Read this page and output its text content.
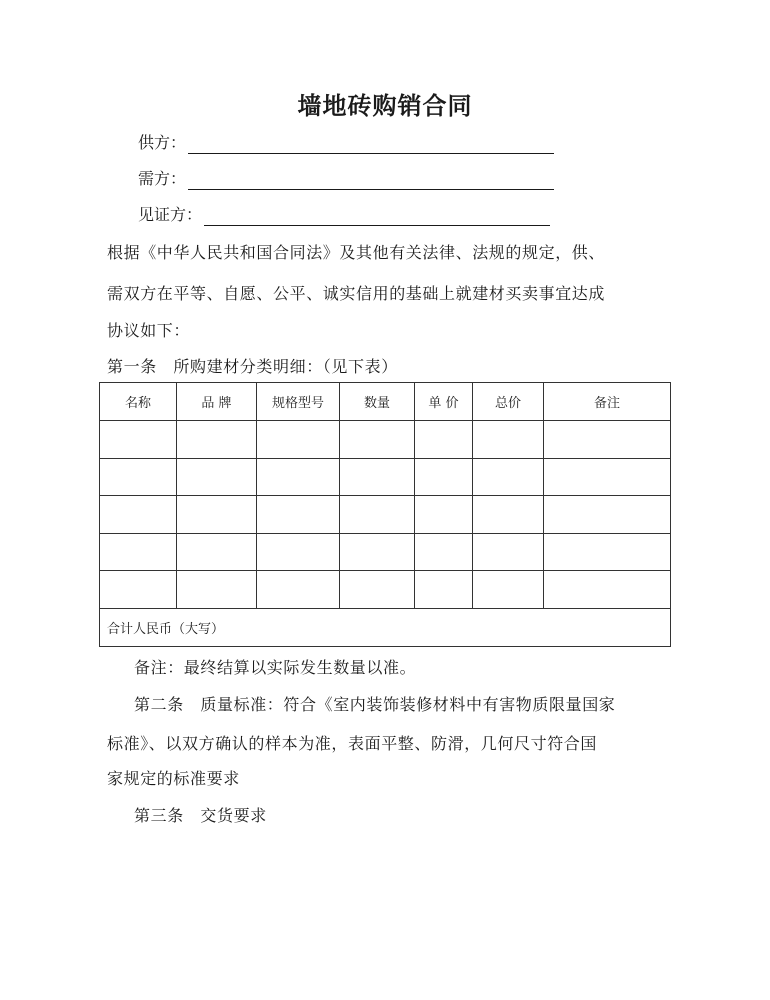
墙地砖购销合同
供方：
需方：
见证方：
根据《中华人民共和国合同法》及其他有关法律、法规的规定，供、
需双方在平等、自愿、公平、诚实信用的基础上就建材买卖事宜达成
协议如下：
第一条　所购建材分类明细：（见下表）
名称	品 牌	规格型号	数量	单 价	总价	备注

合计人民币（大写）						
备注：最终结算以实际发生数量以准。
第二条　质量标准：符合《室内装饰装修材料中有害物质限量国家
标准》、以双方确认的样本为准，表面平整、防滑，几何尺寸符合国
家规定的标准要求
第三条　交货要求
